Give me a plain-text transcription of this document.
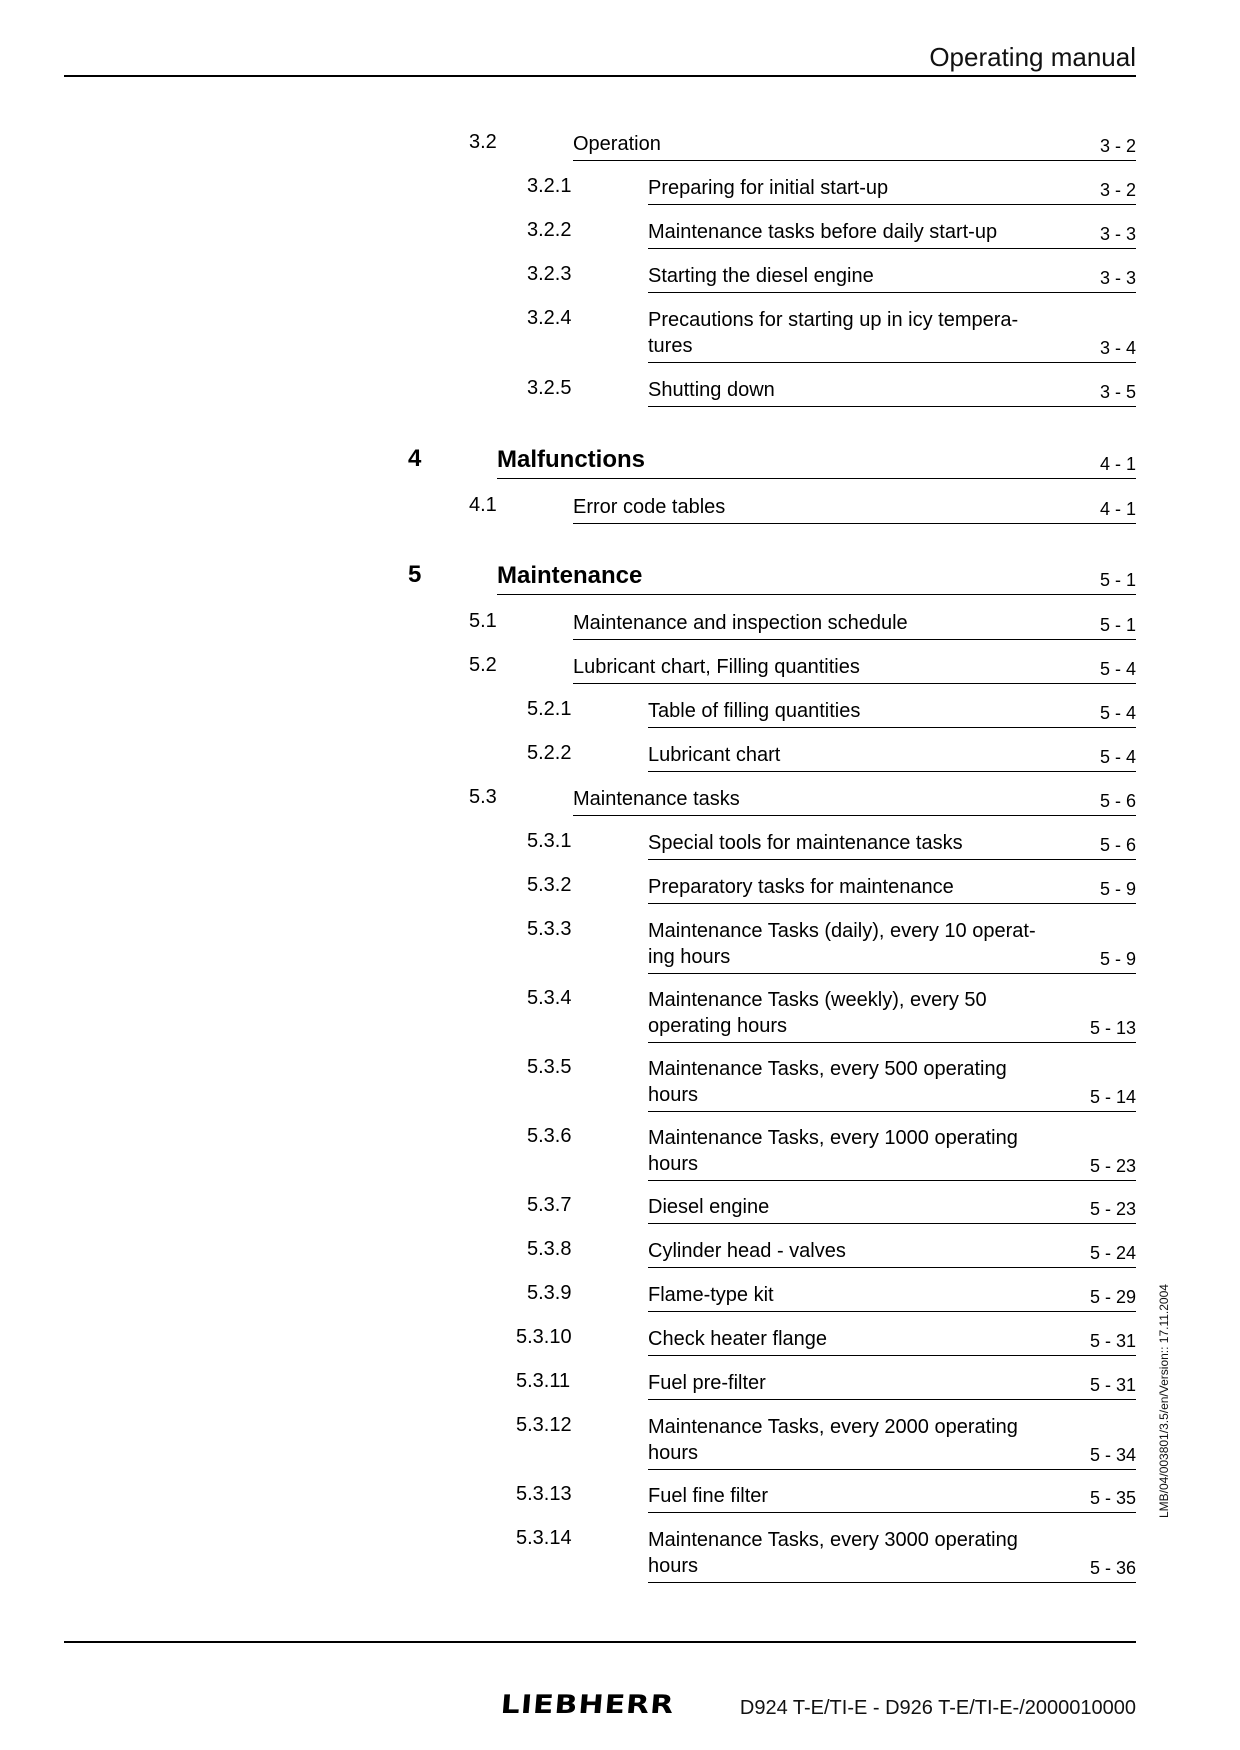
Operating manual
3.2	Operation	3 - 2
3.2.1	Preparing for initial start-up	3 - 2
3.2.2	Maintenance tasks before daily start-up	3 - 3
3.2.3	Starting the diesel engine	3 - 3
3.2.4	Precautions for starting up in icy tempera-
tures	3 - 4
3.2.5	Shutting down	3 - 5
4	Malfunctions	4 - 1
4.1	Error code tables	4 - 1
5	Maintenance	5 - 1
5.1	Maintenance and inspection schedule	5 - 1
5.2	Lubricant chart, Filling quantities	5 - 4
5.2.1	Table of filling quantities	5 - 4
5.2.2	Lubricant chart	5 - 4
5.3	Maintenance tasks	5 - 6
5.3.1	Special tools for maintenance tasks	5 - 6
5.3.2	Preparatory tasks for maintenance	5 - 9
5.3.3	Maintenance Tasks (daily), every 10 operat-
ing hours	5 - 9
5.3.4	Maintenance Tasks (weekly), every 50
operating hours	5 - 13
5.3.5	Maintenance Tasks, every 500 operating
hours	5 - 14
5.3.6	Maintenance Tasks, every 1000 operating
hours	5 - 23
5.3.7	Diesel engine	5 - 23
5.3.8	Cylinder head - valves	5 - 24
5.3.9	Flame-type kit	5 - 29
5.3.10	Check heater flange	5 - 31
5.3.11	Fuel pre-filter	5 - 31
5.3.12	Maintenance Tasks, every 2000 operating
hours	5 - 34
5.3.13	Fuel fine filter	5 - 35
5.3.14	Maintenance Tasks, every 3000 operating
hours	5 - 36
LMB/04/003801/3.5/en/Version:: 17.11.2004
LIEBHERR	D924 T-E/TI-E - D926 T-E/TI-E-/2000010000
